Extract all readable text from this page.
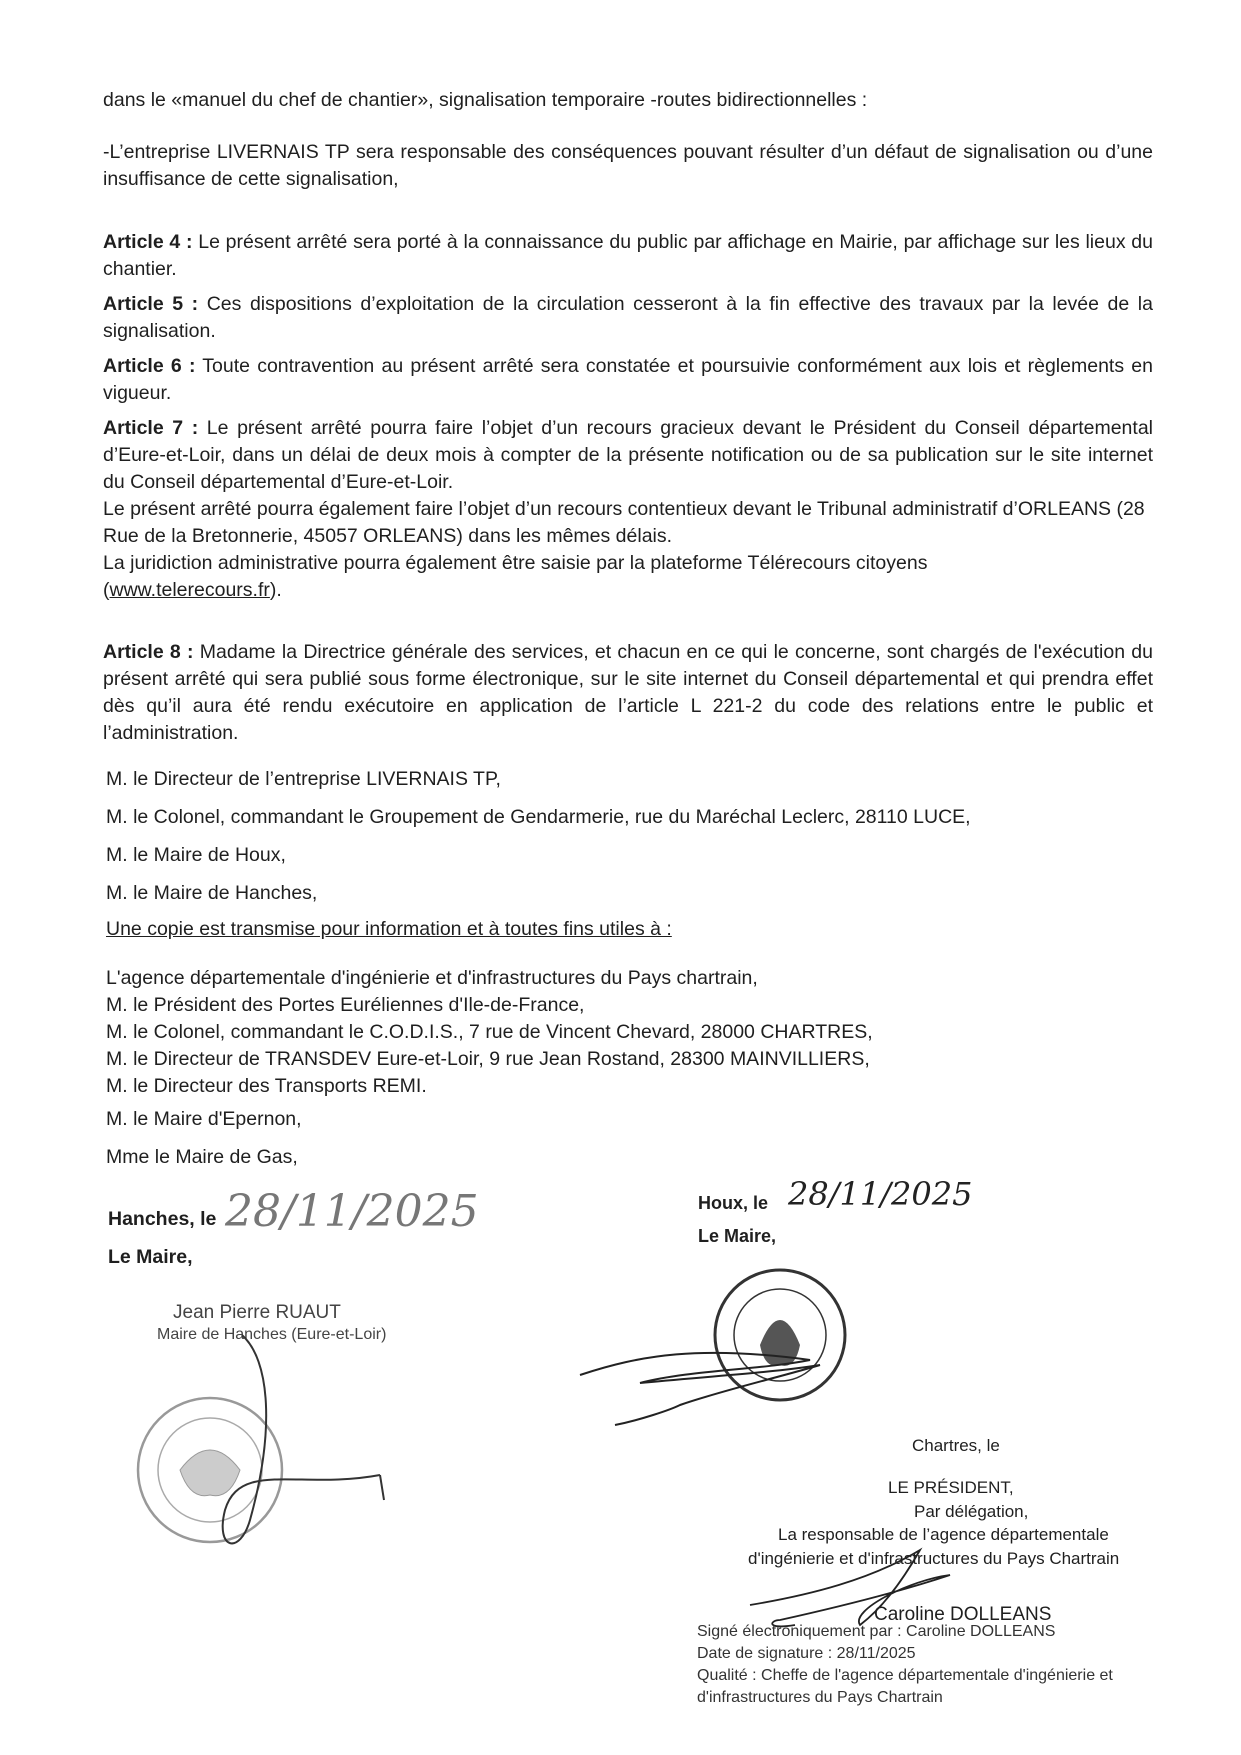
dans le «manuel du chef de chantier», signalisation temporaire -routes bidirectionnelles :
-L’entreprise LIVERNAIS TP sera responsable des conséquences pouvant résulter d’un défaut de signalisation ou d’une insuffisance de cette signalisation,
Article 4 : Le présent arrêté sera porté à la connaissance du public par affichage en Mairie, par affichage sur les lieux du chantier.
Article 5 : Ces dispositions d’exploitation de la circulation cesseront à la fin effective des travaux par la levée de la signalisation.
Article 6 : Toute contravention au présent arrêté sera constatée et poursuivie conformément aux lois et règlements en vigueur.
Article 7 : Le présent arrêté pourra faire l’objet d’un recours gracieux devant le Président du Conseil départemental d’Eure-et-Loir, dans un délai de deux mois à compter de la présente notification ou de sa publication sur le site internet du Conseil départemental d’Eure-et-Loir.
Le présent arrêté pourra également faire l’objet d’un recours contentieux devant le Tribunal administratif d’ORLEANS (28 Rue de la Bretonnerie, 45057 ORLEANS) dans les mêmes délais.
La juridiction administrative pourra également être saisie par la plateforme Télérecours citoyens
(www.telerecours.fr).
Article 8 : Madame la Directrice générale des services, et chacun en ce qui le concerne, sont chargés de l'exécution du présent arrêté qui sera publié sous forme électronique, sur le site internet du Conseil départemental et qui prendra effet dès qu’il aura été rendu exécutoire en application de l’article L 221-2 du code des relations entre le public et l’administration.
M. le Directeur de l’entreprise LIVERNAIS TP,
M. le Colonel, commandant le Groupement de Gendarmerie, rue du Maréchal Leclerc, 28110 LUCE,
M. le Maire de Houx,
M. le Maire de Hanches,
Une copie est transmise pour information et à toutes fins utiles à :
L'agence départementale d'ingénierie et d'infrastructures du Pays chartrain,
M. le Président des Portes Euréliennes d'Ile-de-France,
M. le Colonel, commandant le C.O.D.I.S., 7 rue de Vincent Chevard, 28000 CHARTRES,
M. le Directeur de TRANSDEV Eure-et-Loir, 9 rue Jean Rostand, 28300 MAINVILLIERS,
M. le Directeur des Transports REMI.
M. le Maire d'Epernon,
Mme le Maire de Gas,
Hanches, le 28/11/2025
Le Maire,
Jean Pierre RUAUT
Maire de Hanches (Eure-et-Loir)
Houx, le 28/11/2025
Le Maire,
Chartres, le
LE PRÉSIDENT,
Par délégation,
La responsable de l’agence départementale
d'ingénierie et d'infrastructures du Pays Chartrain
Caroline DOLLEANS
Signé électroniquement par : Caroline DOLLEANS
Date de signature : 28/11/2025
Qualité : Cheffe de l'agence départementale d'ingénierie et
d'infrastructures du Pays Chartrain
